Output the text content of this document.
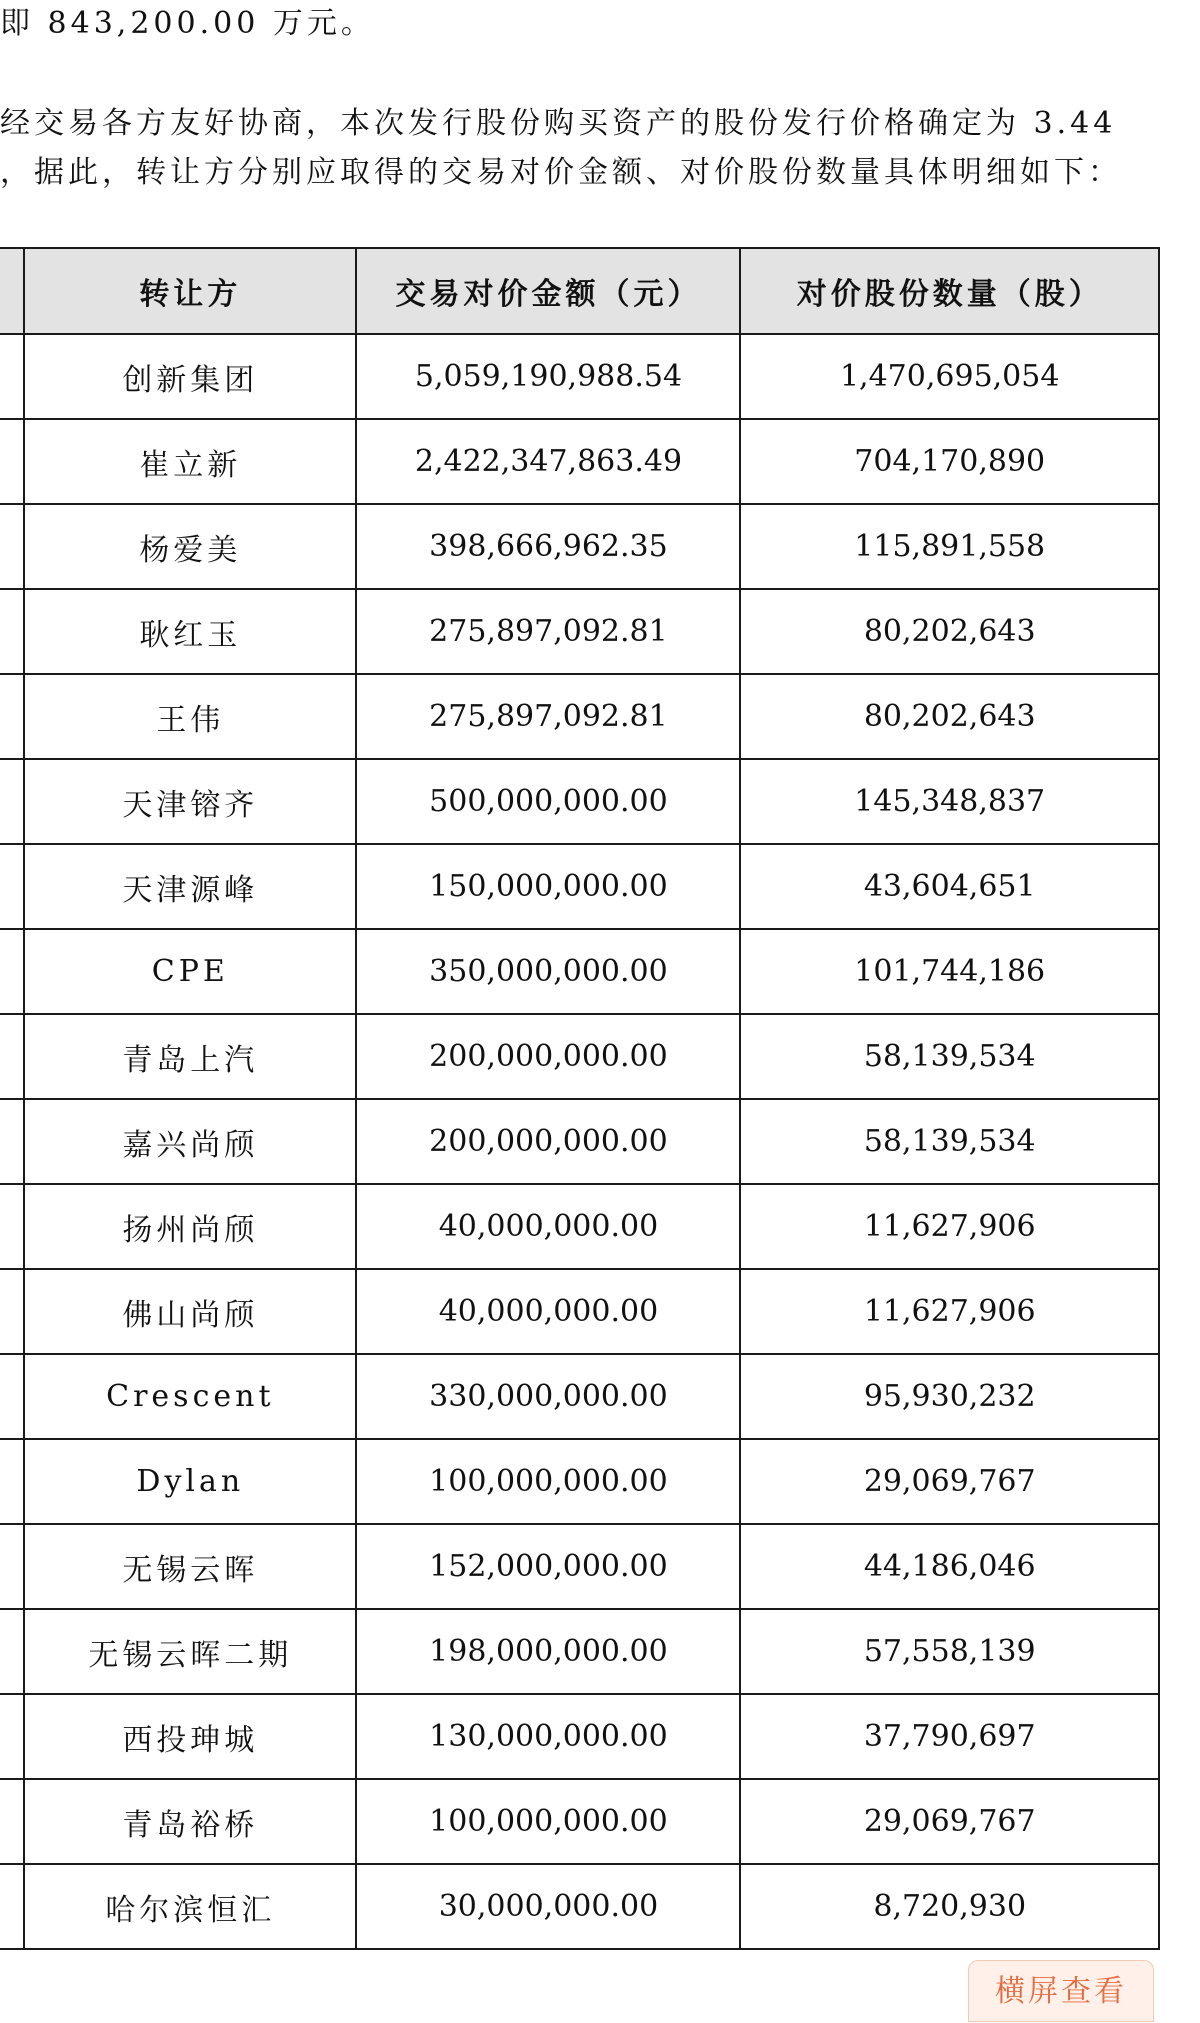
即 843,200.00 万元。

经交易各方友好协商，本次发行股份购买资产的股份发行价格确定为 3.44

，据此，转让方分别应取得的交易对价金额、对价股份数量具体明细如下：

	转让方	交易对价金额（元）	对价股份数量（股）
	创新集团	5,059,190,988.54	1,470,695,054
	崔立新	2,422,347,863.49	704,170,890
	杨爱美	398,666,962.35	115,891,558
	耿红玉	275,897,092.81	80,202,643
	王伟	275,897,092.81	80,202,643
	天津镕齐	500,000,000.00	145,348,837
	天津源峰	150,000,000.00	43,604,651
	CPE	350,000,000.00	101,744,186
	青岛上汽	200,000,000.00	58,139,534
	嘉兴尚颀	200,000,000.00	58,139,534
	扬州尚颀	40,000,000.00	11,627,906
	佛山尚颀	40,000,000.00	11,627,906
	Crescent	330,000,000.00	95,930,232
	Dylan	100,000,000.00	29,069,767
	无锡云晖	152,000,000.00	44,186,046
	无锡云晖二期	198,000,000.00	57,558,139
	西投珅城	130,000,000.00	37,790,697
	青岛裕桥	100,000,000.00	29,069,767
	哈尔滨恒汇	30,000,000.00	8,720,930
横屏查看
